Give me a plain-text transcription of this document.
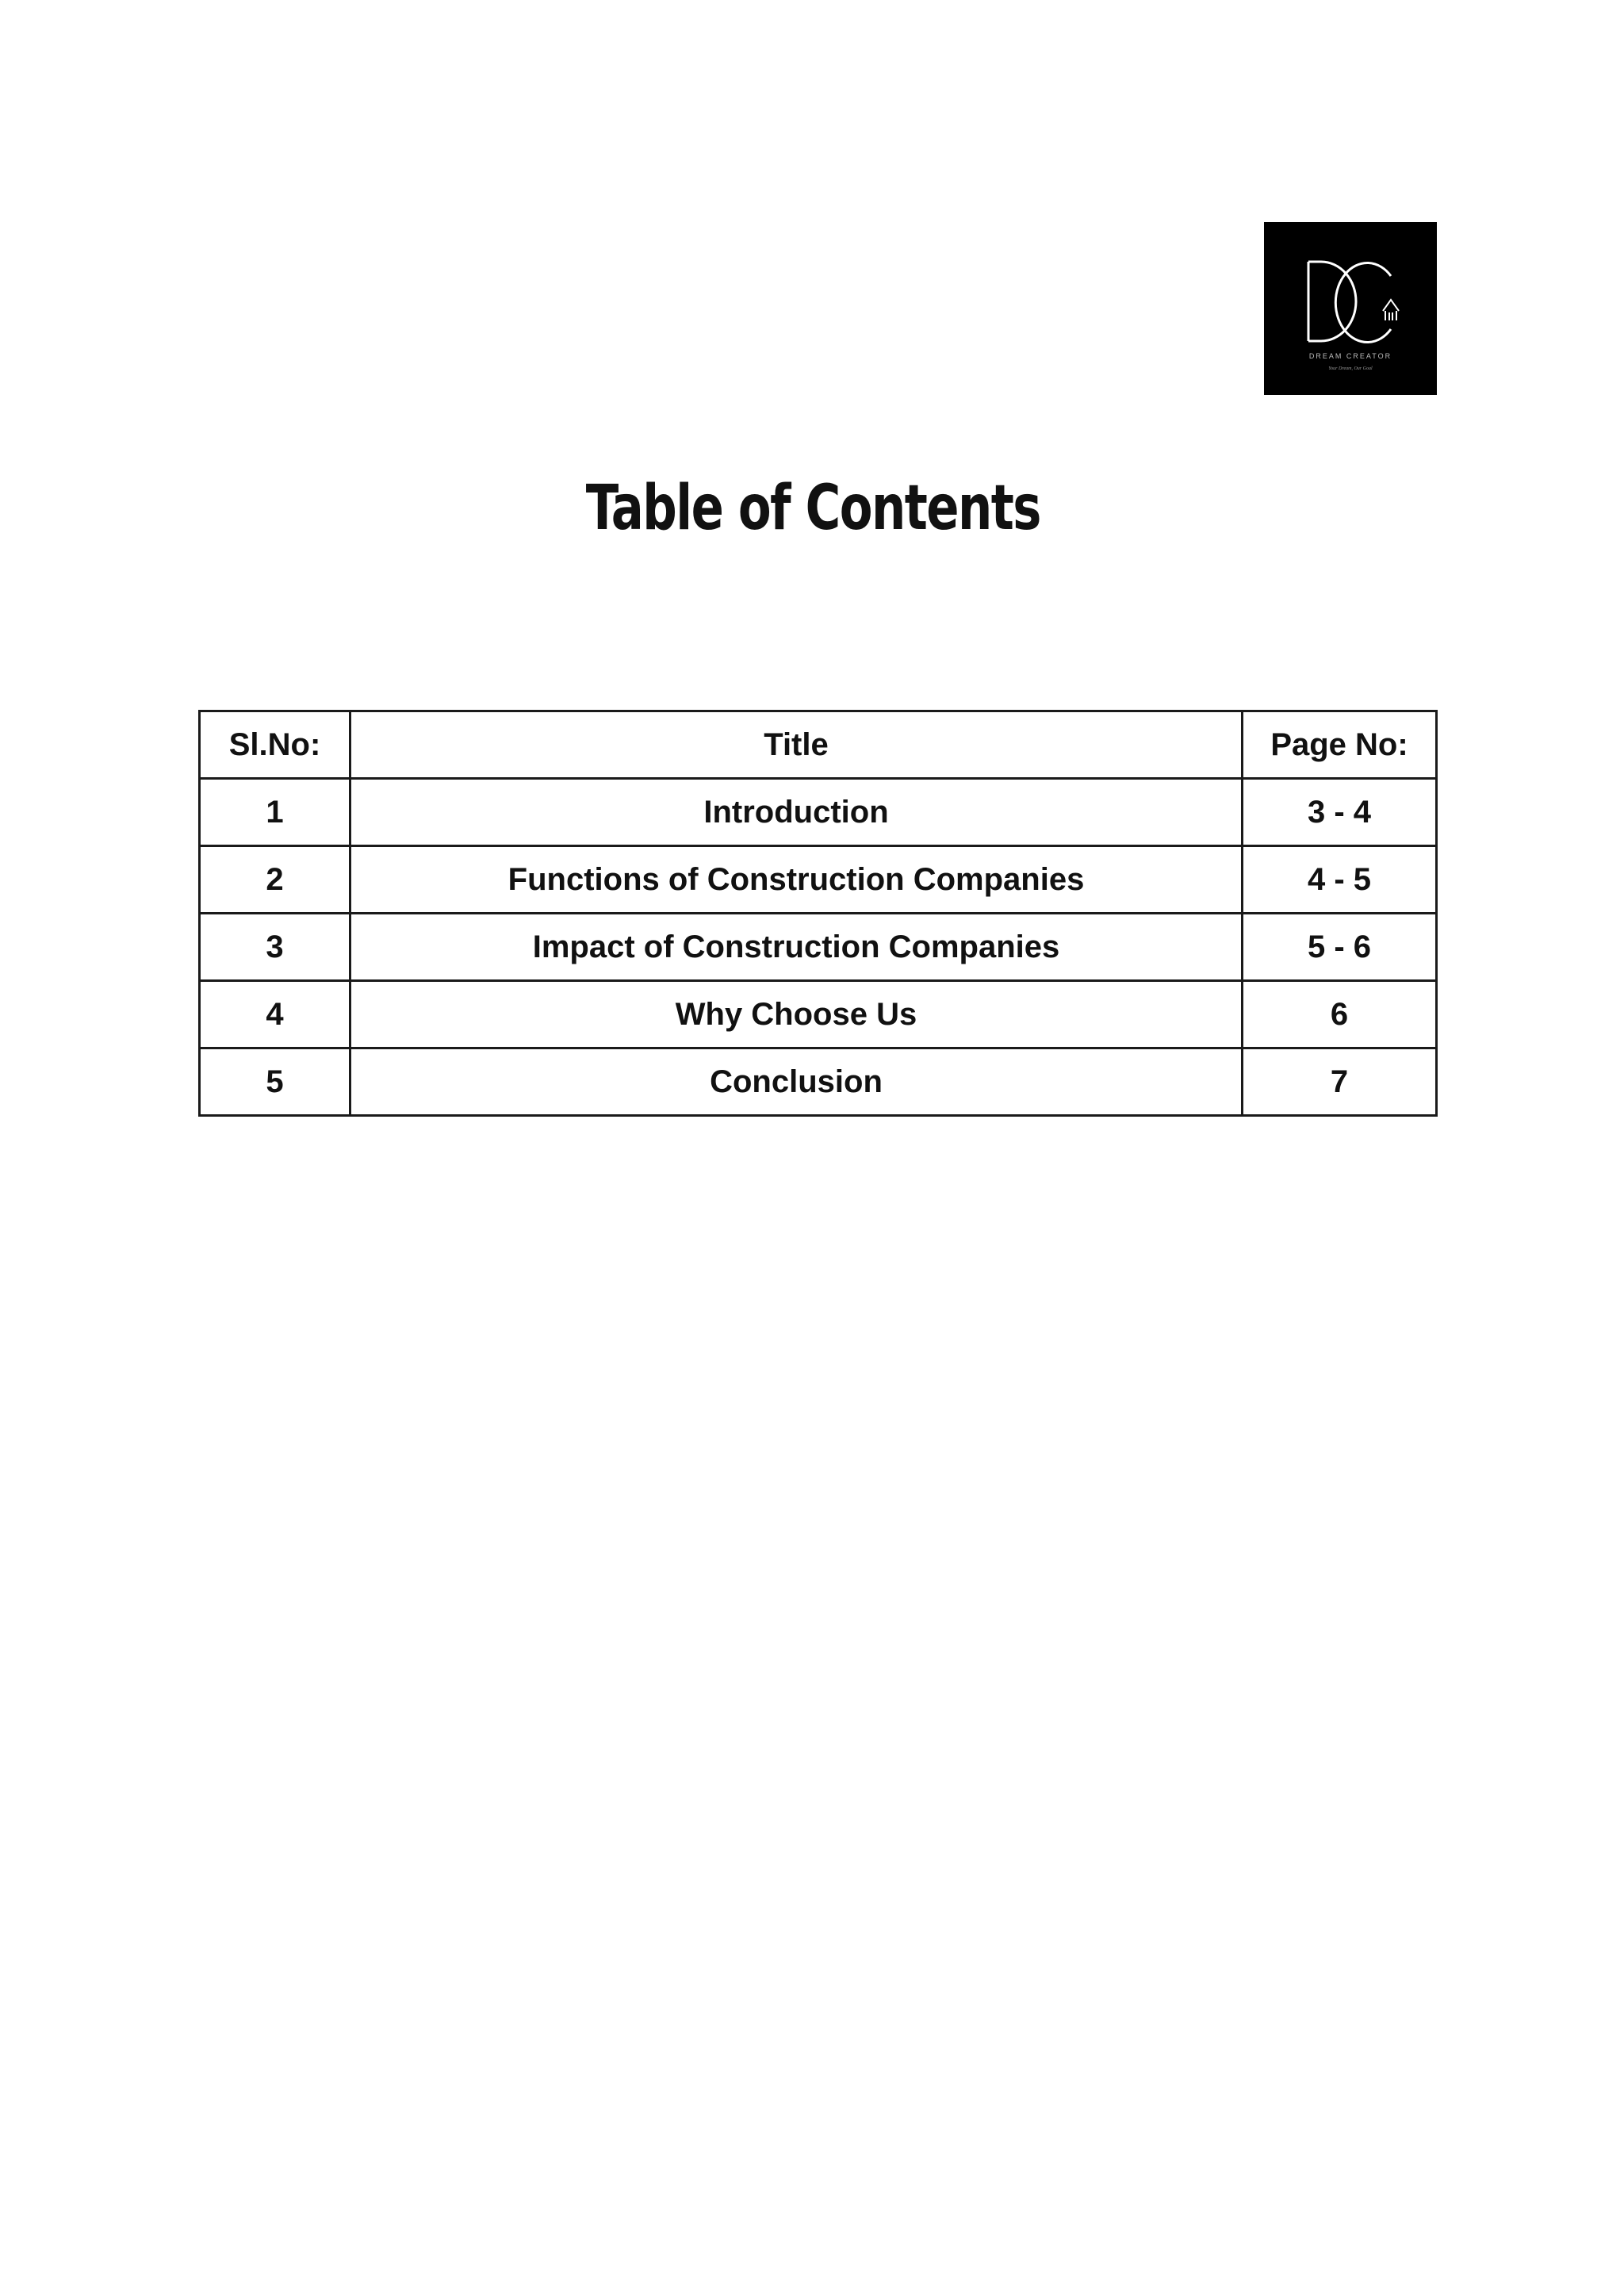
DREAM CREATOR
Your Dream, Our Goal
Table of Contents
Sl.No:	Title	Page No:
1	Introduction	3 - 4
2	Functions of Construction Companies	4 - 5
3	Impact of Construction Companies	5 - 6
4	Why Choose Us	6
5	Conclusion	7
